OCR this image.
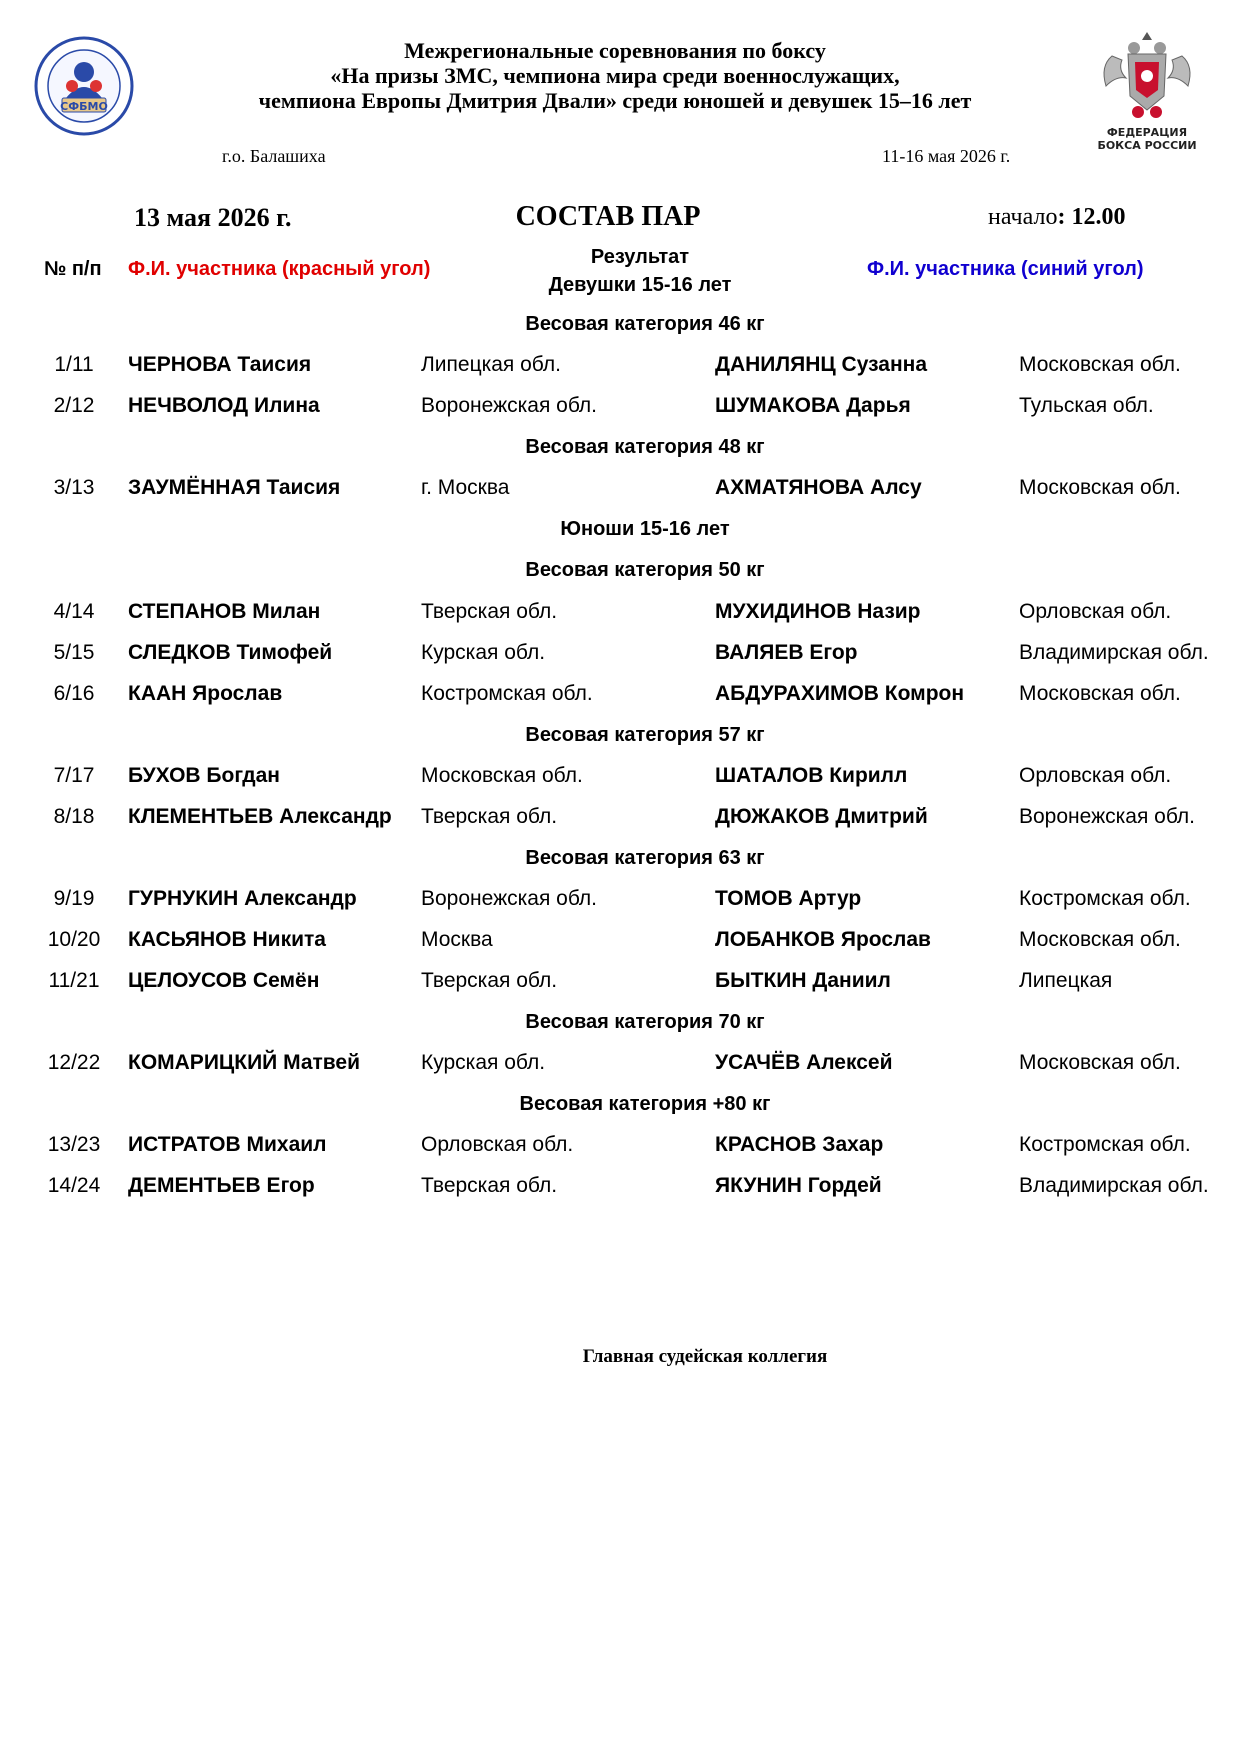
СФБМО
ФЕДЕРАЦИЯ
БОКСА РОССИИ
Межрегиональные соревнования по боксу
«На призы ЗМС, чемпиона мира среди военнослужащих,
чемпиона Европы Дмитрия Двали» среди юношей и девушек 15–16 лет
г.о. Балашиха	11-16 мая 2026 г.
13 мая 2026 г.	СОСТАВ ПАР	начало: 12.00
№ п/п Ф.И. участника (красный угол)
Результат
Девушки 15-16 лет
Ф.И. участника (синий угол)
Весовая категория 46 кг
1/11	ЧЕРНОВА Таисия	Липецкая обл.	ДАНИЛЯНЦ Сузанна	Московская обл.
2/12	НЕЧВОЛОД Илина	Воронежская обл.	ШУМАКОВА Дарья	Тульская обл.
Весовая категория 48 кг
3/13	ЗАУМЁННАЯ Таисия	г. Москва	АХМАТЯНОВА Алсу	Московская обл.
Юноши 15-16 лет
Весовая категория 50 кг
4/14	СТЕПАНОВ Милан	Тверская обл.	МУХИДИНОВ Назир	Орловская обл.
5/15	СЛЕДКОВ Тимофей	Курская обл.	ВАЛЯЕВ Егор	Владимирская обл.
6/16	КААН Ярослав	Костромская обл.	АБДУРАХИМОВ Комрон	Московская обл.
Весовая категория 57 кг
7/17	БУХОВ Богдан	Московская обл.	ШАТАЛОВ Кирилл	Орловская обл.
8/18	КЛЕМЕНТЬЕВ Александр Тверская обл.	ДЮЖАКОВ Дмитрий	Воронежская обл.
Весовая категория 63 кг
9/19	ГУРНУКИН Александр	Воронежская обл.	ТОМОВ Артур	Костромская обл.
10/20 КАСЬЯНОВ Никита	Москва	ЛОБАНКОВ Ярослав	Московская обл.
11/21 ЦЕЛОУСОВ Семён	Тверская обл.	БЫТКИН Даниил	Липецкая
Весовая категория 70 кг
12/22 КОМАРИЦКИЙ Матвей	Курская обл.	УСАЧЁВ Алексей	Московская обл.
Весовая категория +80 кг
13/23 ИСТРАТОВ Михаил	Орловская обл.	КРАСНОВ Захар	Костромская обл.
14/24 ДЕМЕНТЬЕВ Егор	Тверская обл.	ЯКУНИН Гордей	Владимирская обл.
Главная судейская коллегия
